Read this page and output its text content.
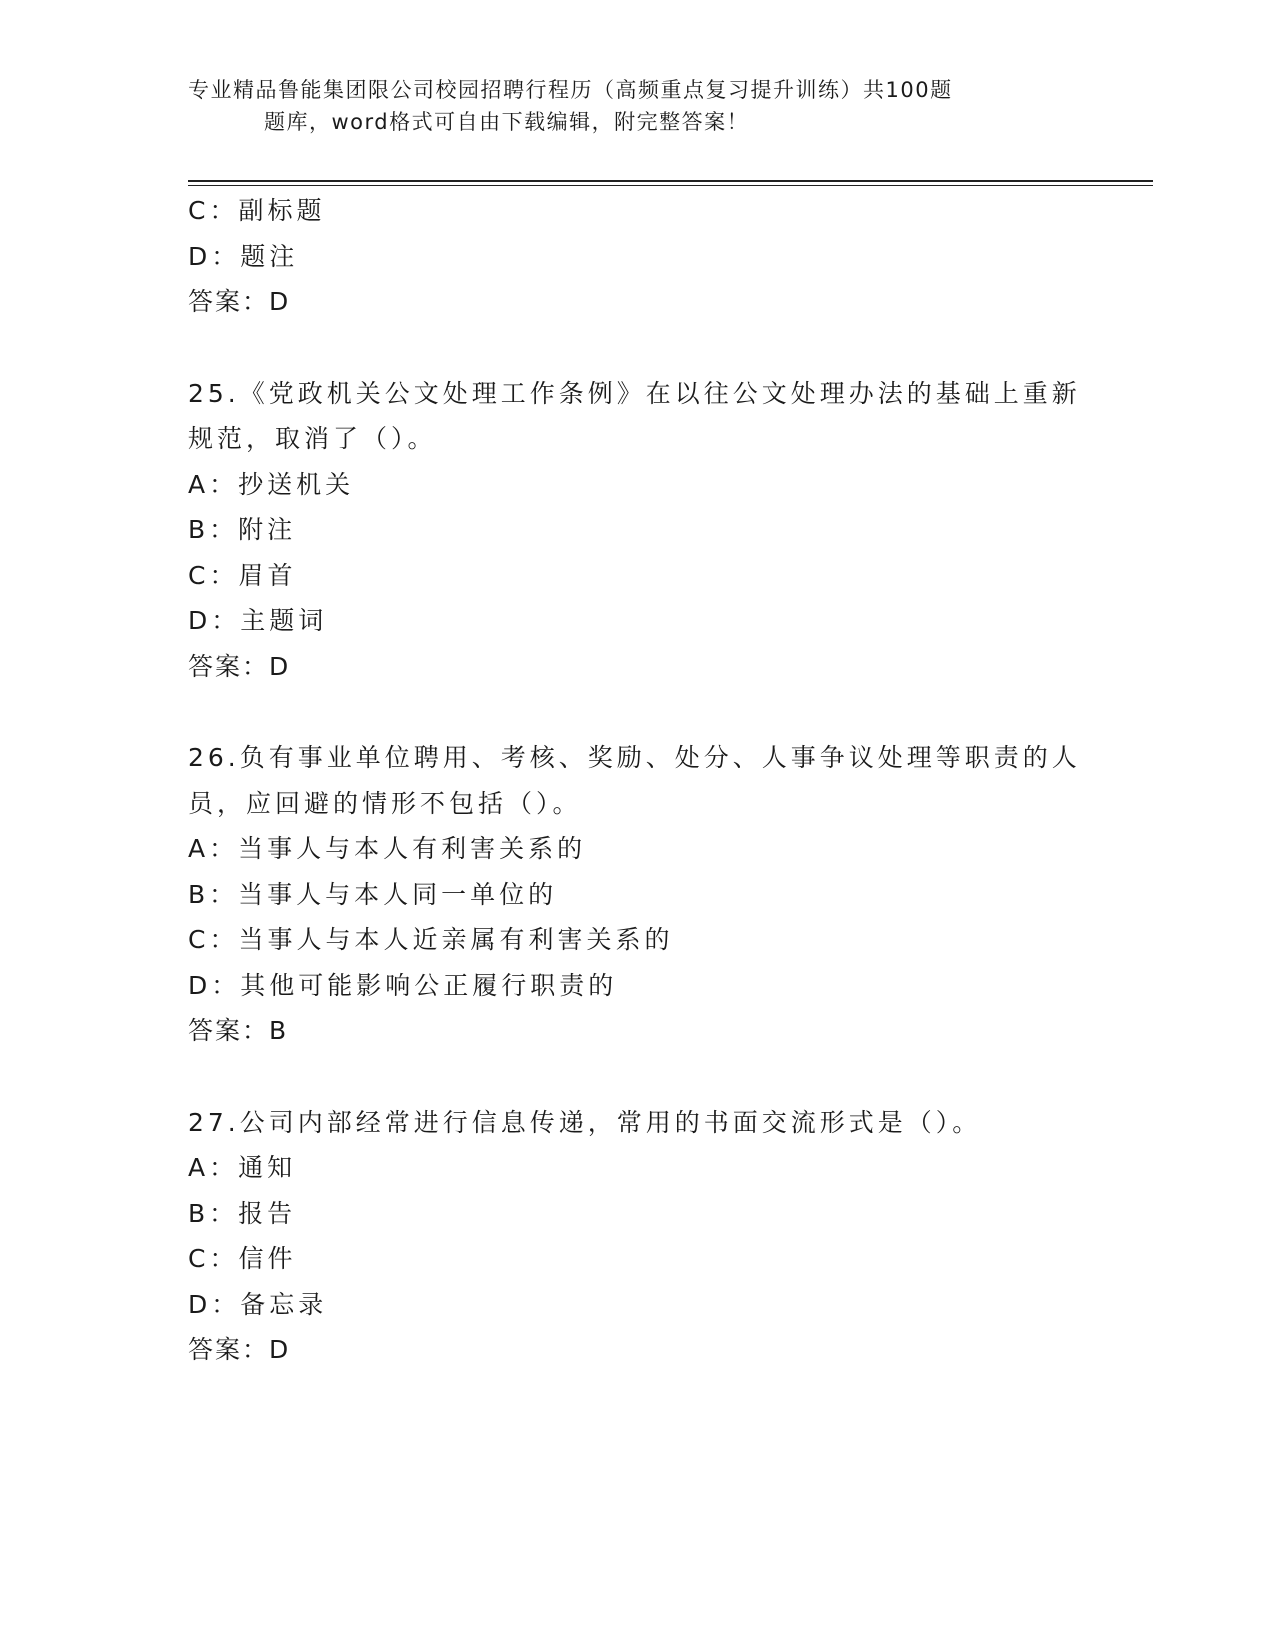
专业精品鲁能集团限公司校园招聘行程历（高频重点复习提升训练）共100题
题库，word格式可自由下载编辑，附完整答案！
C：副标题
D：题注
答案：D
25.《党政机关公文处理工作条例》在以往公文处理办法的基础上重新
规范，取消了（）。
A：抄送机关
B：附注
C：眉首
D：主题词
答案：D
26.负有事业单位聘用、考核、奖励、处分、人事争议处理等职责的人
员，应回避的情形不包括（）。
A：当事人与本人有利害关系的
B：当事人与本人同一单位的
C：当事人与本人近亲属有利害关系的
D：其他可能影响公正履行职责的
答案：B
27.公司内部经常进行信息传递，常用的书面交流形式是（）。
A：通知
B：报告
C：信件
D：备忘录
答案：D
